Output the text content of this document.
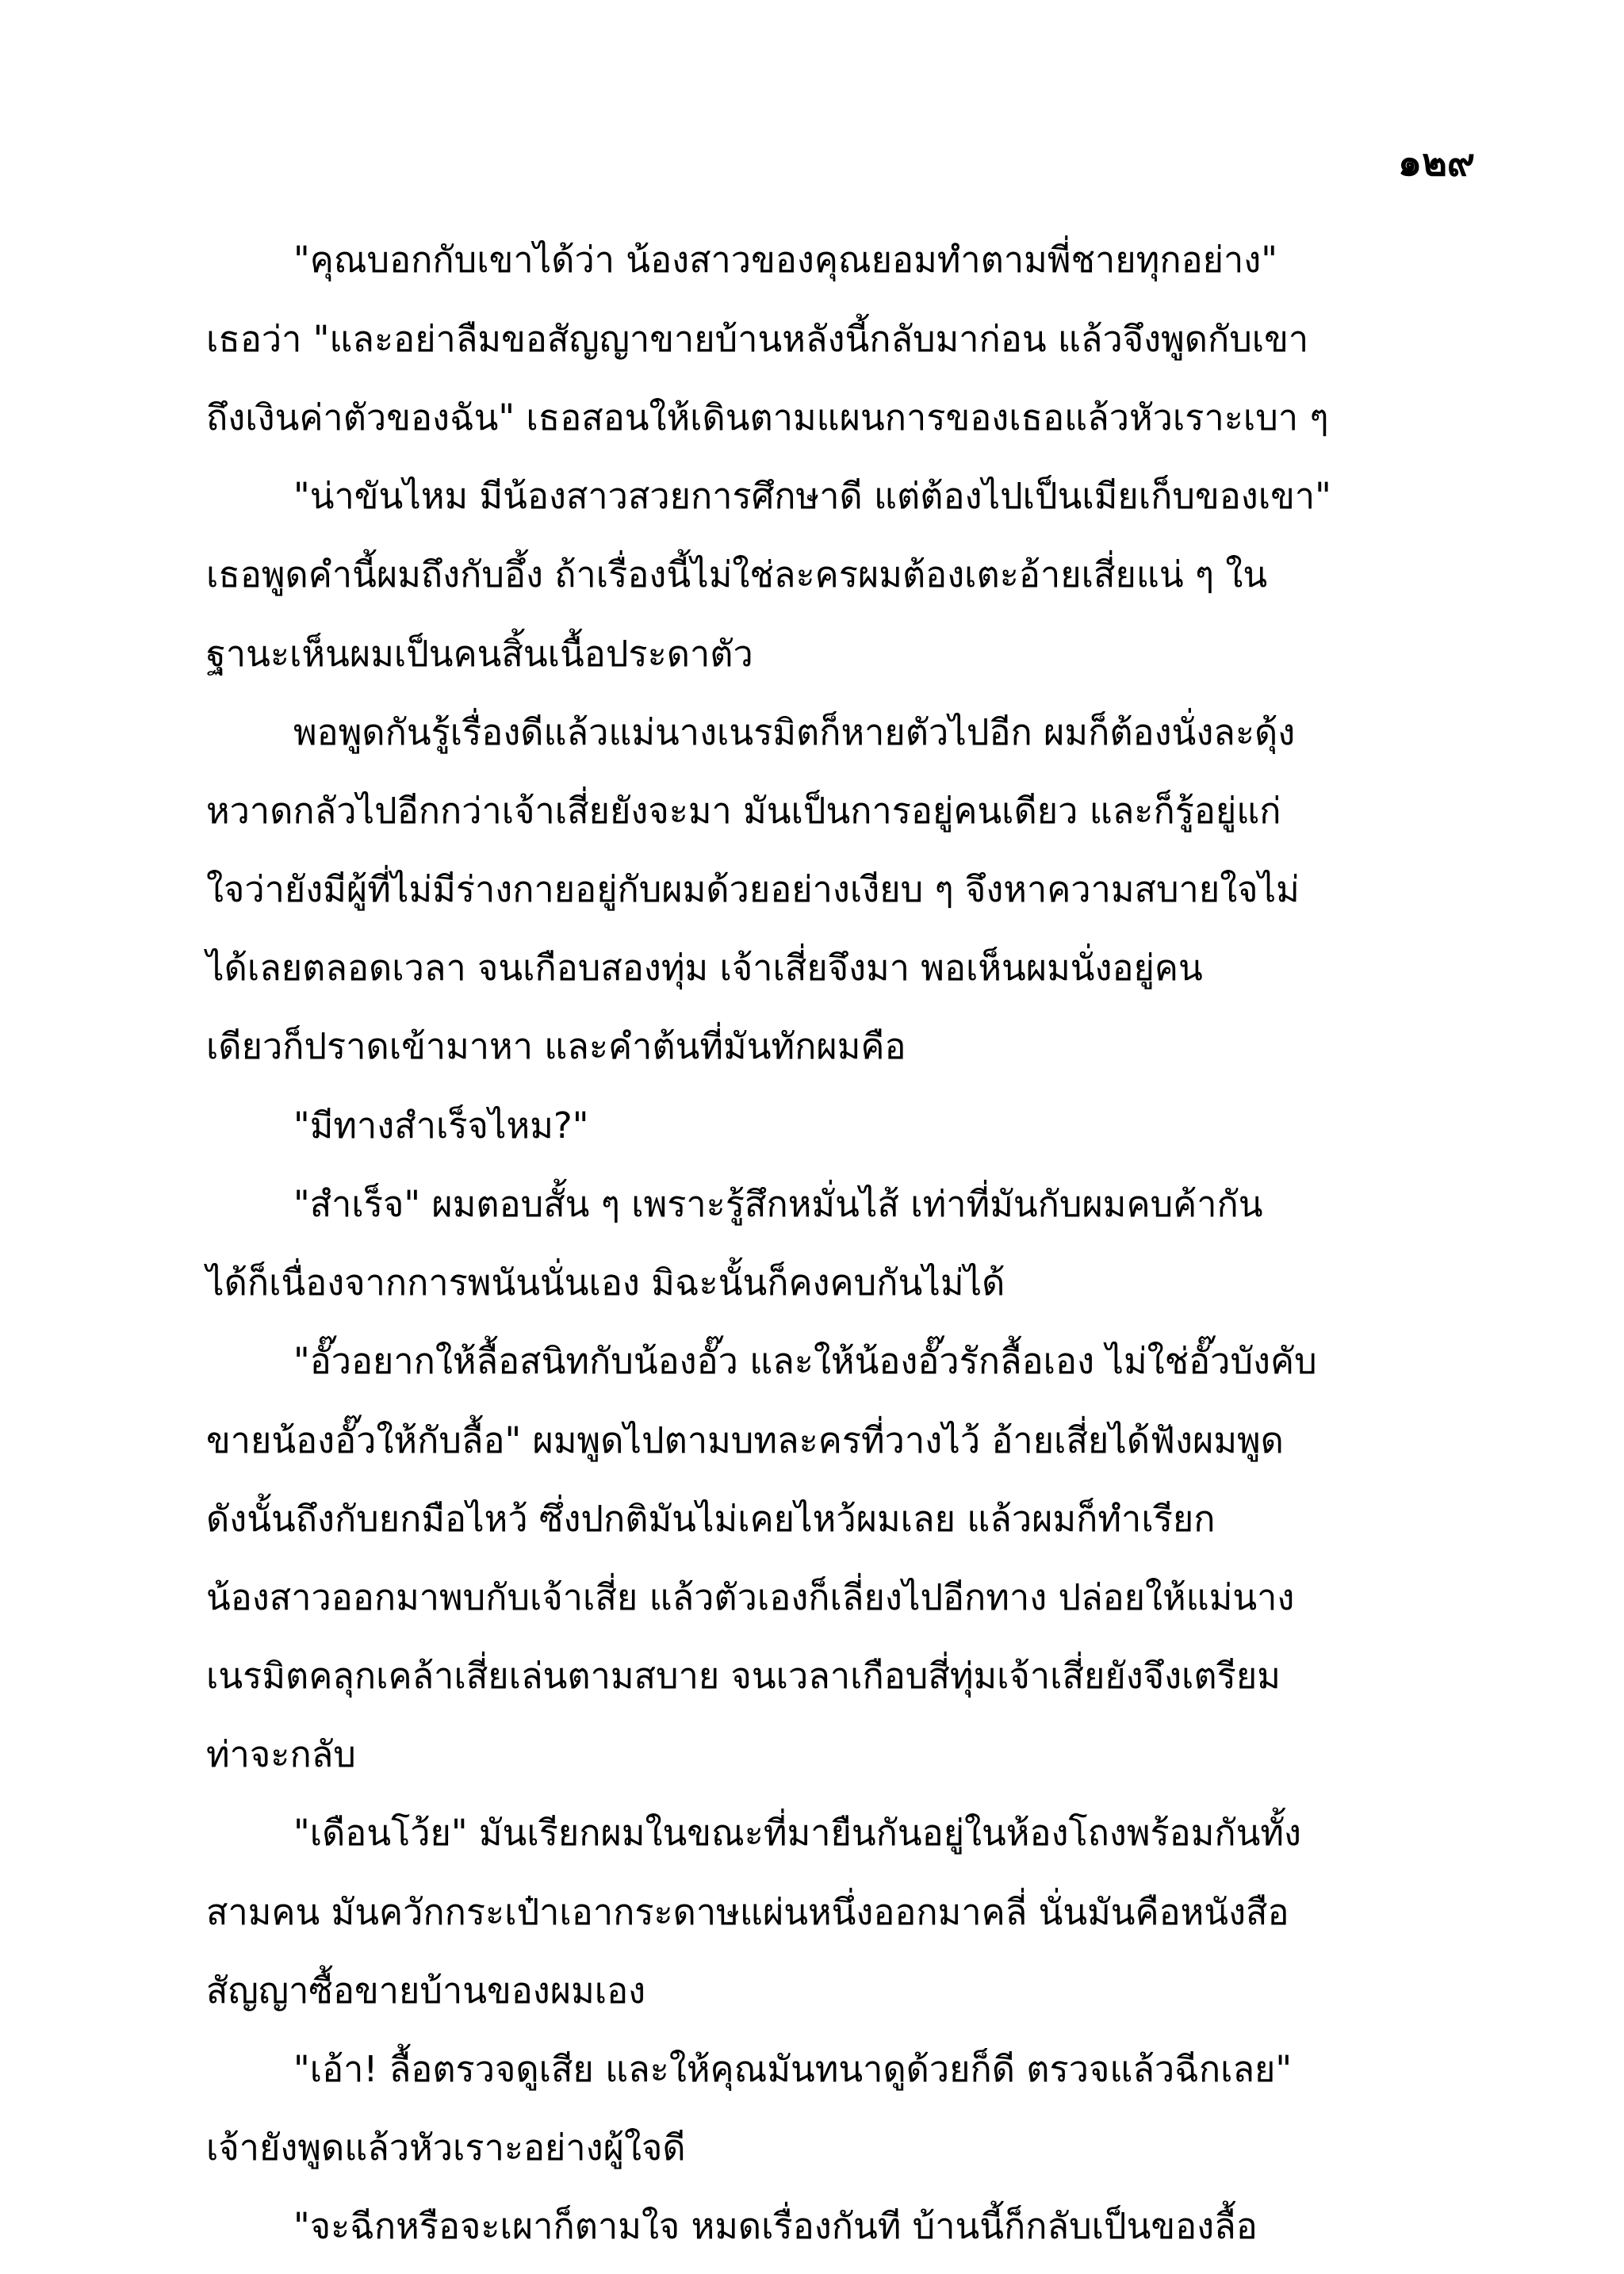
๑๒๙
"คุณบอกกับเขาได้ว่า น้องสาวของคุณยอมทำตามพี่ชายทุกอย่าง"
เธอว่า "และอย่าลืมขอสัญญาขายบ้านหลังนี้กลับมาก่อน แล้วจึงพูดกับเขา
ถึงเงินค่าตัวของฉัน" เธอสอนให้เดินตามแผนการของเธอแล้วหัวเราะเบา ๆ
"น่าขันไหม มีน้องสาวสวยการศึกษาดี แต่ต้องไปเป็นเมียเก็บของเขา"
เธอพูดคำนี้ผมถึงกับอึ้ง ถ้าเรื่องนี้ไม่ใช่ละครผมต้องเตะอ้ายเสี่ยแน่ ๆ ใน
ฐานะเห็นผมเป็นคนสิ้นเนื้อประดาตัว
พอพูดกันรู้เรื่องดีแล้วแม่นางเนรมิตก็หายตัวไปอีก ผมก็ต้องนั่งละดุ้ง
หวาดกลัวไปอีกกว่าเจ้าเสี่ยยังจะมา มันเป็นการอยู่คนเดียว และก็รู้อยู่แก่
ใจว่ายังมีผู้ที่ไม่มีร่างกายอยู่กับผมด้วยอย่างเงียบ ๆ จึงหาความสบายใจไม่
ได้เลยตลอดเวลา จนเกือบสองทุ่ม เจ้าเสี่ยจึงมา พอเห็นผมนั่งอยู่คน
เดียวก็ปราดเข้ามาหา และคำต้นที่มันทักผมคือ
"มีทางสำเร็จไหม?"
"สำเร็จ" ผมตอบสั้น ๆ เพราะรู้สึกหมั่นไส้ เท่าที่มันกับผมคบค้ากัน
ได้ก็เนื่องจากการพนันนั่นเอง มิฉะนั้นก็คงคบกันไม่ได้
"อั๊วอยากให้ลื้อสนิทกับน้องอั๊ว และให้น้องอั๊วรักลื้อเอง ไม่ใช่อั๊วบังคับ
ขายน้องอั๊วให้กับลื้อ" ผมพูดไปตามบทละครที่วางไว้ อ้ายเสี่ยได้ฟังผมพูด
ดังนั้นถึงกับยกมือไหว้ ซึ่งปกติมันไม่เคยไหว้ผมเลย แล้วผมก็ทำเรียก
น้องสาวออกมาพบกับเจ้าเสี่ย แล้วตัวเองก็เลี่ยงไปอีกทาง ปล่อยให้แม่นาง
เนรมิตคลุกเคล้าเสี่ยเล่นตามสบาย จนเวลาเกือบสี่ทุ่มเจ้าเสี่ยยังจึงเตรียม
ท่าจะกลับ
"เดือนโว้ย" มันเรียกผมในขณะที่มายืนกันอยู่ในห้องโถงพร้อมกันทั้ง
สามคน มันควักกระเป๋าเอากระดาษแผ่นหนึ่งออกมาคลี่ นั่นมันคือหนังสือ
สัญญาซื้อขายบ้านของผมเอง
"เอ้า! ลื้อตรวจดูเสีย และให้คุณมันทนาดูด้วยก็ดี ตรวจแล้วฉีกเลย"
เจ้ายังพูดแล้วหัวเราะอย่างผู้ใจดี
"จะฉีกหรือจะเผาก็ตามใจ หมดเรื่องกันที บ้านนี้ก็กลับเป็นของลื้อ
